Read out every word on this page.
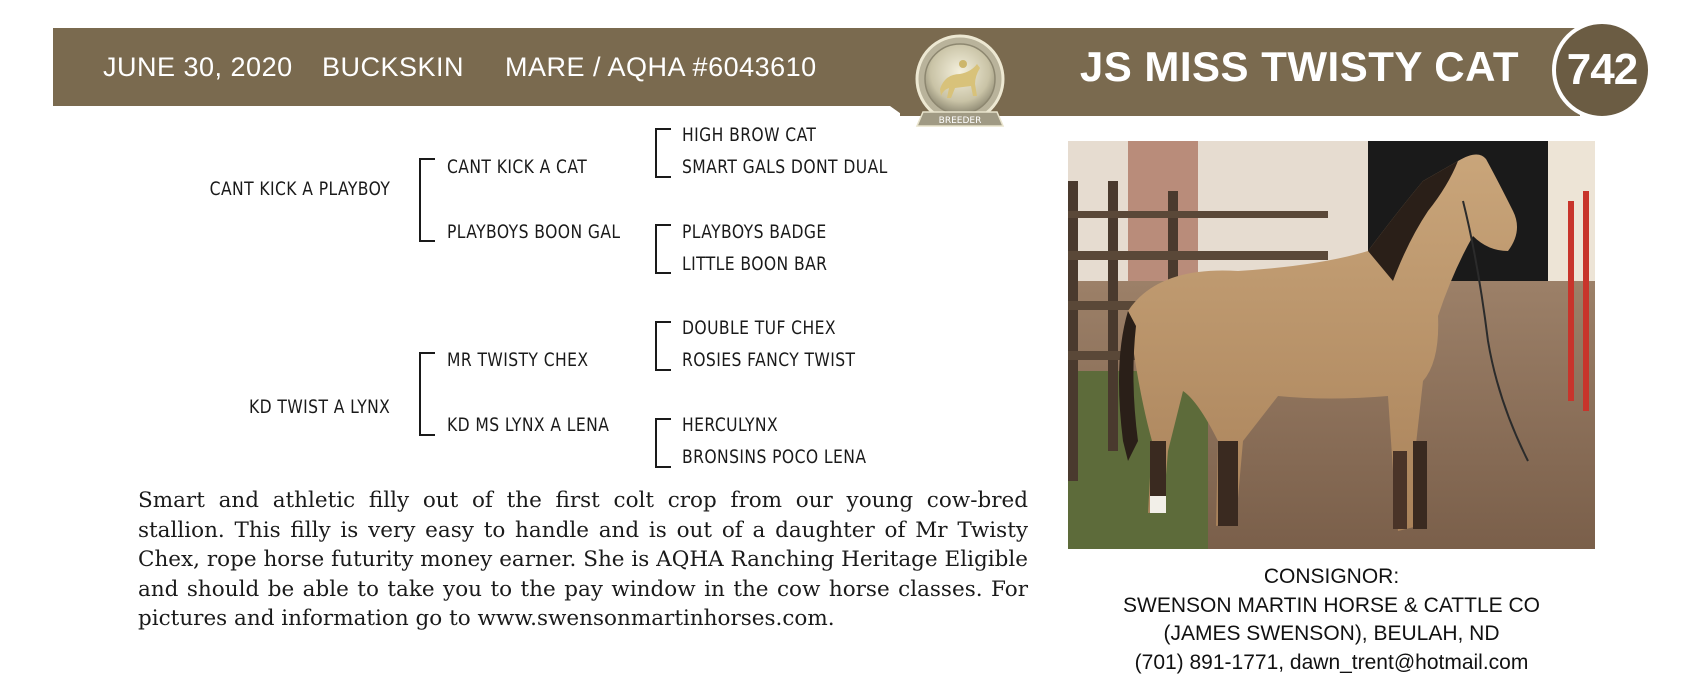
JUNE 30, 2020 BUCKSKIN MARE / AQHA #6043610	JS MISS TWISTY CAT	742
BREEDER
CANT KICK A PLAYBOY
CANT KICK A CAT
PLAYBOYS BOON GAL
HIGH BROW CAT
SMART GALS DONT DUAL
PLAYBOYS BADGE
LITTLE BOON BAR
KD TWIST A LYNX
MR TWISTY CHEX
KD MS LYNX A LENA
DOUBLE TUF CHEX
ROSIES FANCY TWIST
HERCULYNX
BRONSINS POCO LENA
Smart and athletic filly out of the first colt crop from our young cow-bred stallion. This filly is very easy to handle and is out of a daughter of Mr Twisty Chex, rope horse futurity money earner. She is AQHA Ranching Heritage Eligible and should be able to take you to the pay window in the cow horse classes. For pictures and information go to www.swensonmartinhorses.com.
CONSIGNOR:
SWENSON MARTIN HORSE & CATTLE CO
(JAMES SWENSON), BEULAH, ND
(701) 891-1771, dawn_trent@hotmail.com
